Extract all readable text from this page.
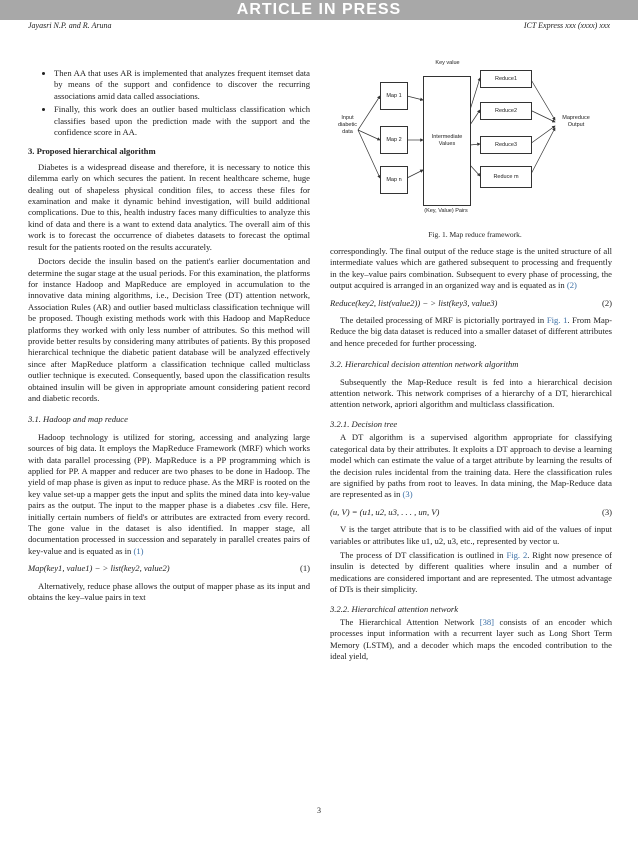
ARTICLE IN PRESS
Jayasri N.P. and R. Aruna	ICT Express xxx (xxxx) xxx
• Then AA that uses AR is implemented that analyzes frequent itemset data by means of the support and confidence to discover the recurring associations amid data called associations.
• Finally, this work does an outlier based multiclass classification which classifies based upon the prediction made with the support and the confidence score in AA.
3. Proposed hierarchical algorithm

Diabetes is a widespread disease and therefore, it is necessary to notice this dilemma early on which secures the patient. In recent healthcare scheme, huge dealing out of shapeless physical condition files, to access these files for examination and make it dynamic behind investigation, will build additional complications. Due to this, health industry faces many difficulties to analyze this kind of data and there is a want to extend data analytics. The overall aim of this work is to forecast the occurrence of diabetes datasets to forecast the optimal result for the patients rooted on the results accurately.

Doctors decide the insulin based on the patient's earlier documentation and determine the sugar stage at the usual periods. For this examination, the platforms for instance Hadoop and MapReduce are employed in accumulation to the innovative data mining algorithms, i.e., Decision Tree (DT) attention network, Association Rules (AR) and outlier based multiclass classification technique will be proposed. Though existing methods work with this Hadoop and MapReduce platforms they worked with only less number of attributes. So this method will provide better results by considering many attributes of patients. By this proposed hierarchical technique the diabetic patient database will be analyzed effectively since after MapReduce platform a classification technique called multiclass outlier technique is executed. Consequently, based upon the classification results obtained insulin will be given in appropriate amount considering patient record and diabetic records.

3.1. Hadoop and map reduce

Hadoop technology is utilized for storing, accessing and analyzing large sources of big data. It employs the MapReduce Framework (MRF) which works with data parallel processing (PP). MapReduce is a PP programming which is applied for PP. A mapper and reducer are two phases to be done in Hadoop. The yield of map phase is given as input to reduce phase. As the MRF is rooted on the key value set-up a mapper gets the input and splits the mined data into key-value pairs as the output. The input to the mapper phase is a diabetes .csv file. Here, initially certain numbers of field's or attributes are extracted from every record. The gone value in the dataset is also identified. In mapper stage, all documentation processed in succession and separately in parallel creates pairs of key-value and is equated as in (1)

Map(key1, value1) − > list(key2, value2)	(1)

Alternatively, reduce phase allows the output of mapper phase as its input and obtains the key–value pairs in text

Key value
Input diabetic data
Map 1
Map 2
Map n
Intermediate Values
Reduce1
Reduce2
Reduce3
Reduce m
Mapreduce Output
(Key, Value) Pairs
Fig. 1. Map reduce framework.

correspondingly. The final output of the reduce stage is the united structure of all intermediate values which are gathered subsequent to processing and frequently in the key–value pairs combination. Subsequent to every phase of processing, the output acquired is arranged in an organized way and is equated as in (2)

Reduce(key2, list(value2)) − > list(key3, value3)	(2)

The detailed processing of MRF is pictorially portrayed in Fig. 1. From Map-Reduce the big data dataset is reduced into a smaller dataset of different attributes and hence preceded for further processing.

3.2. Hierarchical decision attention network algorithm

Subsequently the Map-Reduce result is fed into a hierarchical decision attention network. This network comprises of a hierarchy of a DT, hierarchical attention network, apriori algorithm and multiclass classification.

3.2.1. Decision tree

A DT algorithm is a supervised algorithm appropriate for classifying categorical data by their attributes. It exploits a DT approach to devise a learning model which can estimate the value of a target attribute by learning the results of the decision rules incidental from the training data. Here the classification rules are signified by paths from root to leaves. In data mining, the Map-Reduce data are represented as in (3)

(u, V) = (u1, u2, u3, . . . , un, V)	(3)

V is the target attribute that is to be classified with aid of the values of input variables or attributes like u1, u2, u3, etc., represented by vector u.

The process of DT classification is outlined in Fig. 2. Right now presence of insulin is detected by different qualities where insulin and a number of medications are considered important and are represented. The utmost advantage of DTs is their simplicity.

3.2.2. Hierarchical attention network

The Hierarchical Attention Network [38] consists of an encoder which processes input information with a recurrent layer such as Long Short Term Memory (LSTM), and a decoder which maps the encoded contribution to the ideal yield,

3
